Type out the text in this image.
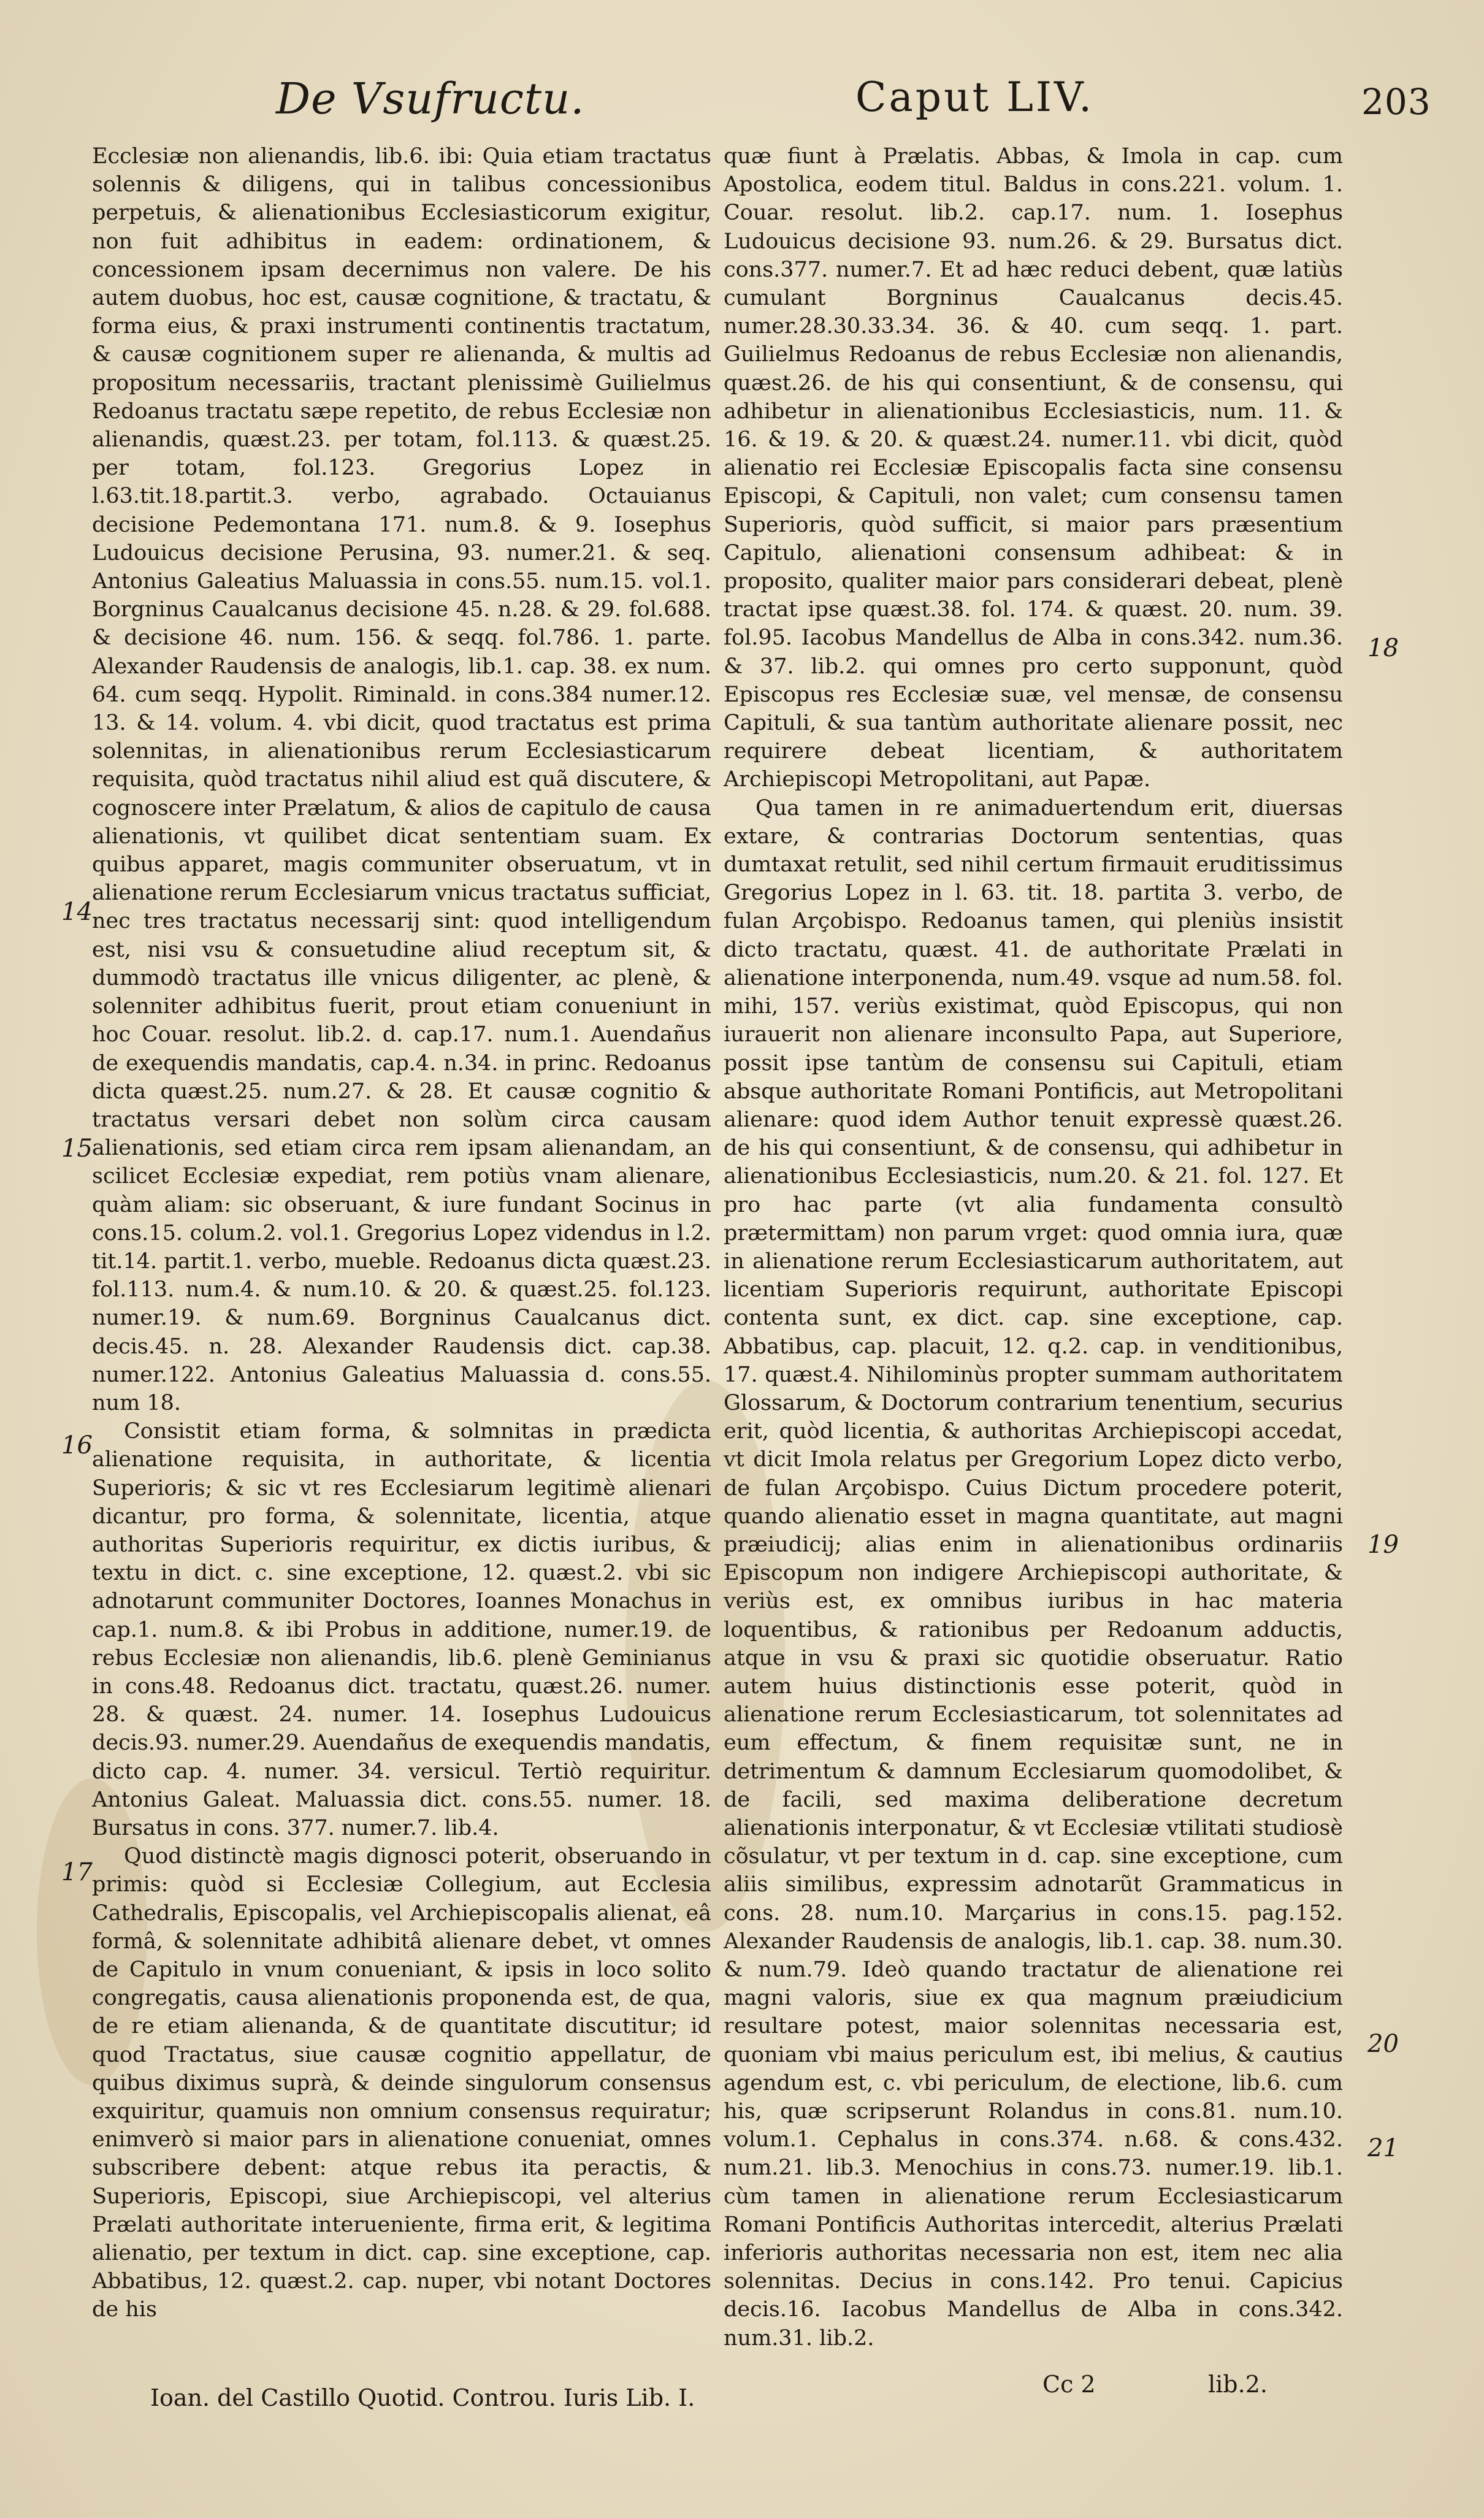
De Vsufructu.	Caput LIV.	203

Ecclesiæ non alienandis, lib.6. ibi: Quia etiam tractatus solennis & diligens, qui in talibus concessionibus perpetuis, & alienationibus Ecclesiasticorum exigitur, non fuit adhibitus in eadem: ordinationem, & concessionem ipsam decernimus non valere. De his autem duobus, hoc est, causæ cognitione, & tractatu, & forma eius, & praxi instrumenti continentis tractatum, & causæ cognitionem super re alienanda, & multis ad propositum necessariis, tractant plenissimè Guilielmus Redoanus tractatu sæpe repetito, de rebus Ecclesiæ non alienandis, quæst.23. per totam, fol.113. & quæst.25. per totam, fol.123. Gregorius Lopez in l.63.tit.18.partit.3. verbo, agrabado. Octauianus decisione Pedemontana 171. num.8. & 9. Iosephus Ludouicus decisione Perusina, 93. numer.21. & seq. Antonius Galeatius Maluassia in cons.55. num.15. vol.1. Borgninus Caualcanus decisione 45. n.28. & 29. fol.688. & decisione 46. num. 156. & seqq. fol.786. 1. parte. Alexander Raudensis de analogis, lib.1. cap. 38. ex num. 64. cum seqq. Hypolit. Riminald. in cons.384 numer.12. 13. & 14. volum. 4. vbi dicit, quod tractatus est prima solennitas, in alienationibus rerum Ecclesiasticarum requisita, quòd tractatus nihil aliud est quã discutere, & cognoscere inter Prælatum, & alios de capitulo de causa alienationis, vt quilibet dicat sententiam suam. Ex quibus apparet, magis communiter obseruatum, vt in alienatione rerum Ecclesiarum vnicus tractatus sufficiat, nec tres tractatus necessarij sint: quod intelligendum est, nisi vsu & consuetudine aliud receptum sit, & dummodò tractatus ille vnicus diligenter, ac plenè, & solenniter adhibitus fuerit, prout etiam conueniunt in hoc Couar. resolut. lib.2. d. cap.17. num.1. Auendañus de exequendis mandatis, cap.4. n.34. in princ. Redoanus dicta quæst.25. num.27. & 28. Et causæ cognitio & tractatus versari debet non solùm circa causam alienationis, sed etiam circa rem ipsam alienandam, an scilicet Ecclesiæ expediat, rem potiùs vnam alienare, quàm aliam: sic obseruant, & iure fundant Socinus in cons.15. colum.2. vol.1. Gregorius Lopez videndus in l.2. tit.14. partit.1. verbo, mueble. Redoanus dicta quæst.23. fol.113. num.4. & num.10. & 20. & quæst.25. fol.123. numer.19. & num.69. Borgninus Caualcanus dict. decis.45. n. 28. Alexander Raudensis dict. cap.38. numer.122. Antonius Galeatius Maluassia d. cons.55. num 18.

Consistit etiam forma, & solmnitas in prædicta alienatione requisita, in authoritate, & licentia Superioris; & sic vt res Ecclesiarum legitimè alienari dicantur, pro forma, & solennitate, licentia, atque authoritas Superioris requiritur, ex dictis iuribus, & textu in dict. c. sine exceptione, 12. quæst.2. vbi sic adnotarunt communiter Doctores, Ioannes Monachus in cap.1. num.8. & ibi Probus in additione, numer.19. de rebus Ecclesiæ non alienandis, lib.6. plenè Geminianus in cons.48. Redoanus dict. tractatu, quæst.26. numer. 28. & quæst. 24. numer. 14. Iosephus Ludouicus decis.93. numer.29. Auendañus de exequendis mandatis, dicto cap. 4. numer. 34. versicul. Tertiò requiritur. Antonius Galeat. Maluassia dict. cons.55. numer. 18. Bursatus in cons. 377. numer.7. lib.4.

Quod distinctè magis dignosci poterit, obseruando in primis: quòd si Ecclesiæ Collegium, aut Ecclesia Cathedralis, Episcopalis, vel Archiepiscopalis alienat, eâ formâ, & solennitate adhibitâ alienare debet, vt omnes de Capitulo in vnum conueniant, & ipsis in loco solito congregatis, causa alienationis proponenda est, de qua, de re etiam alienanda, & de quantitate discutitur; id quod Tractatus, siue causæ cognitio appellatur, de quibus diximus suprà, & deinde singulorum consensus exquiritur, quamuis non omnium consensus requiratur; enimverò si maior pars in alienatione conueniat, omnes subscribere debent: atque rebus ita peractis, & Superioris, Episcopi, siue Archiepiscopi, vel alterius Prælati authoritate interueniente, firma erit, & legitima alienatio, per textum in dict. cap. sine exceptione, cap. Abbatibus, 12. quæst.2. cap. nuper, vbi notant Doctores de his

quæ fiunt à Prælatis. Abbas, & Imola in cap. cum Apostolica, eodem titul. Baldus in cons.221. volum. 1. Couar. resolut. lib.2. cap.17. num. 1. Iosephus Ludouicus decisione 93. num.26. & 29. Bursatus dict. cons.377. numer.7. Et ad hæc reduci debent, quæ latiùs cumulant Borgninus Caualcanus decis.45. numer.28.30.33.34. 36. & 40. cum seqq. 1. part. Guilielmus Redoanus de rebus Ecclesiæ non alienandis, quæst.26. de his qui consentiunt, & de consensu, qui adhibetur in alienationibus Ecclesiasticis, num. 11. & 16. & 19. & 20. & quæst.24. numer.11. vbi dicit, quòd alienatio rei Ecclesiæ Episcopalis facta sine consensu Episcopi, & Capituli, non valet; cum consensu tamen Superioris, quòd sufficit, si maior pars præsentium Capitulo, alienationi consensum adhibeat: & in proposito, qualiter maior pars considerari debeat, plenè tractat ipse quæst.38. fol. 174. & quæst. 20. num. 39. fol.95. Iacobus Mandellus de Alba in cons.342. num.36. & 37. lib.2. qui omnes pro certo supponunt, quòd Episcopus res Ecclesiæ suæ, vel mensæ, de consensu Capituli, & sua tantùm authoritate alienare possit, nec requirere debeat licentiam, & authoritatem Archiepiscopi Metropolitani, aut Papæ.

Qua tamen in re animaduertendum erit, diuersas extare, & contrarias Doctorum sententias, quas dumtaxat retulit, sed nihil certum firmauit eruditissimus Gregorius Lopez in l. 63. tit. 18. partita 3. verbo, de fulan Arçobispo. Redoanus tamen, qui pleniùs insistit dicto tractatu, quæst. 41. de authoritate Prælati in alienatione interponenda, num.49. vsque ad num.58. fol. mihi, 157. veriùs existimat, quòd Episcopus, qui non iurauerit non alienare inconsulto Papa, aut Superiore, possit ipse tantùm de consensu sui Capituli, etiam absque authoritate Romani Pontificis, aut Metropolitani alienare: quod idem Author tenuit expressè quæst.26. de his qui consentiunt, & de consensu, qui adhibetur in alienationibus Ecclesiasticis, num.20. & 21. fol. 127. Et pro hac parte (vt alia fundamenta consultò prætermittam) non parum vrget: quod omnia iura, quæ in alienatione rerum Ecclesiasticarum authoritatem, aut licentiam Superioris requirunt, authoritate Episcopi contenta sunt, ex dict. cap. sine exceptione, cap. Abbatibus, cap. placuit, 12. q.2. cap. in venditionibus, 17. quæst.4. Nihilominùs propter summam authoritatem Glossarum, & Doctorum contrarium tenentium, securius erit, quòd licentia, & authoritas Archiepiscopi accedat, vt dicit Imola relatus per Gregorium Lopez dicto verbo, de fulan Arçobispo. Cuius Dictum procedere poterit, quando alienatio esset in magna quantitate, aut magni præiudicij; alias enim in alienationibus ordinariis Episcopum non indigere Archiepiscopi authoritate, & veriùs est, ex omnibus iuribus in hac materia loquentibus, & rationibus per Redoanum adductis, atque in vsu & praxi sic quotidie obseruatur. Ratio autem huius distinctionis esse poterit, quòd in alienatione rerum Ecclesiasticarum, tot solennitates ad eum effectum, & finem requisitæ sunt, ne in detrimentum & damnum Ecclesiarum quomodolibet, & de facili, sed maxima deliberatione decretum alienationis interponatur, & vt Ecclesiæ vtilitati studiosè cõsulatur, vt per textum in d. cap. sine exceptione, cum aliis similibus, expressim adnotarũt Grammaticus in cons. 28. num.10. Marçarius in cons.15. pag.152. Alexander Raudensis de analogis, lib.1. cap. 38. num.30. & num.79. Ideò quando tractatur de alienatione rei magni valoris, siue ex qua magnum præiudicium resultare potest, maior solennitas necessaria est, quoniam vbi maius periculum est, ibi melius, & cautius agendum est, c. vbi periculum, de electione, lib.6. cum his, quæ scripserunt Rolandus in cons.81. num.10. volum.1. Cephalus in cons.374. n.68. & cons.432. num.21. lib.3. Menochius in cons.73. numer.19. lib.1. cùm tamen in alienatione rerum Ecclesiasticarum Romani Pontificis Authoritas intercedit, alterius Prælati inferioris authoritas necessaria non est, item nec alia solennitas. Decius in cons.142. Pro tenui. Capicius decis.16. Iacobus Mandellus de Alba in cons.342. num.31. lib.2.

14
15
16
17
18
19
20
21
Ioan. del Castillo Quotid. Controu. Iuris Lib. I.	Cc 2	lib.2.
